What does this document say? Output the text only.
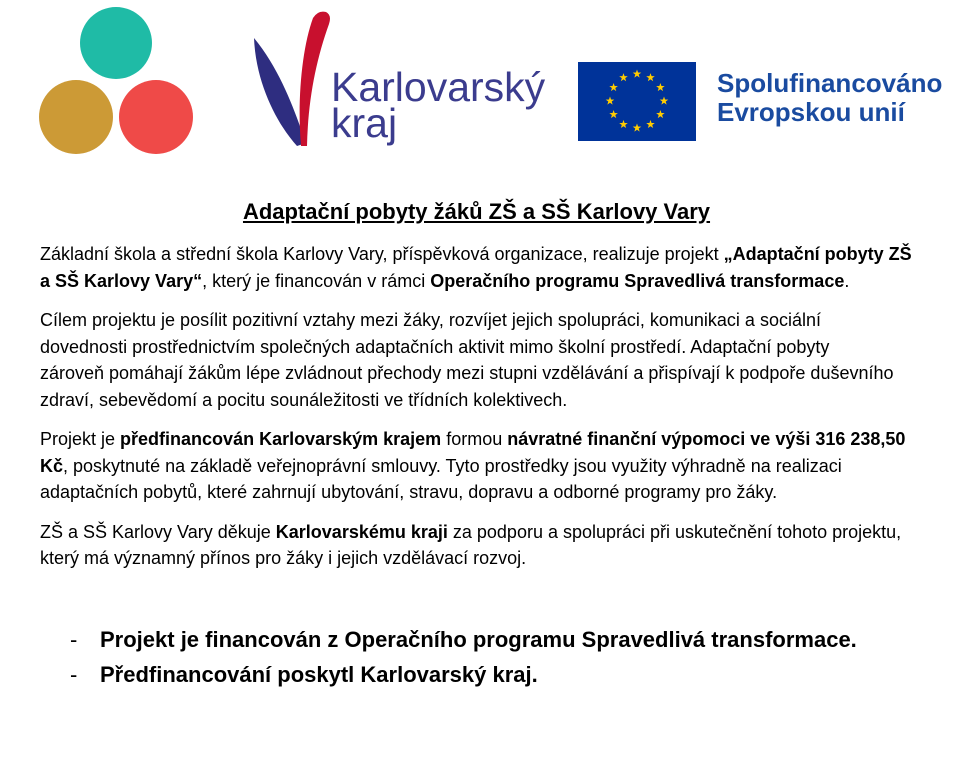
Karlovarský
kraj
Spolufinancováno
Evropskou unií
Adaptační pobyty žáků ZŠ a SŠ Karlovy Vary
Základní škola a střední škola Karlovy Vary, příspěvková organizace, realizuje projekt „Adaptační pobyty ZŠ
a SŠ Karlovy Vary“, který je financován v rámci Operačního programu Spravedlivá transformace.
Cílem projektu je posílit pozitivní vztahy mezi žáky, rozvíjet jejich spolupráci, komunikaci a sociální
dovednosti prostřednictvím společných adaptačních aktivit mimo školní prostředí. Adaptační pobyty
zároveň pomáhají žákům lépe zvládnout přechody mezi stupni vzdělávání a přispívají k podpoře duševního
zdraví, sebevědomí a pocitu sounáležitosti ve třídních kolektivech.
Projekt je předfinancován Karlovarským krajem formou návratné finanční výpomoci ve výši 316 238,50
Kč, poskytnuté na základě veřejnoprávní smlouvy. Tyto prostředky jsou využity výhradně na realizaci
adaptačních pobytů, které zahrnují ubytování, stravu, dopravu a odborné programy pro žáky.
ZŠ a SŠ Karlovy Vary děkuje Karlovarskému kraji za podporu a spolupráci při uskutečnění tohoto projektu,
který má významný přínos pro žáky i jejich vzdělávací rozvoj.
- Projekt je financován z Operačního programu Spravedlivá transformace.
- Předfinancování poskytl Karlovarský kraj.
